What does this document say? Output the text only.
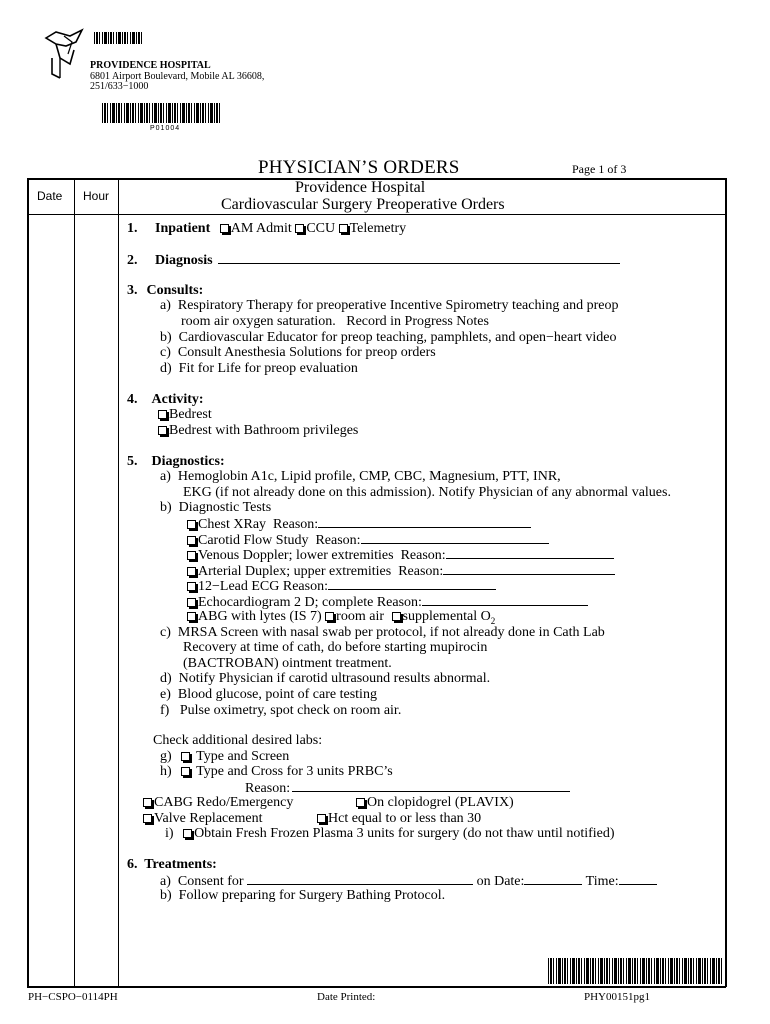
PROVIDENCE HOSPITAL
6801 Airport Boulevard, Mobile AL 36608,
251/633−1000
P01004
PHYSICIAN’S ORDERS	Page 1 of 3
Date Hour	Providence Hospital
Cardiovascular Surgery Preoperative Orders
1. Inpatient AM Admit CCU Telemetry
2. Diagnosis
3. Consults:
a)  Respiratory Therapy for preoperative Incentive Spirometry teaching and preop
room air oxygen saturation.   Record in Progress Notes
b)  Cardiovascular Educator for preop teaching, pamphlets, and open−heart video
c)  Consult Anesthesia Solutions for preop orders
d)  Fit for Life for preop evaluation
4. Activity:
Bedrest
Bedrest with Bathroom privileges
5. Diagnostics:
a)  Hemoglobin A1c, Lipid profile, CMP, CBC, Magnesium, PTT, INR,
EKG (if not already done on this admission). Notify Physician of any abnormal values.
b)  Diagnostic Tests
Chest XRay  Reason:
Carotid Flow Study  Reason:
Venous Doppler; lower extremities  Reason:
Arterial Duplex; upper extremities  Reason:
12−Lead ECG Reason:
Echocardiogram 2 D; complete Reason:
ABG with lytes (IS 7) room air supplemental $O_2$
c)  MRSA Screen with nasal swab per protocol, if not already done in Cath Lab
Recovery at time of cath, do before starting mupirocin
(BACTROBAN) ointment treatment.
d)  Notify Physician if carotid ultrasound results abnormal.
e)  Blood glucose, point of care testing
f)   Pulse oximetry, spot check on room air.
Check additional desired labs:
g) Type and Screen
h) Type and Cross for 3 units PRBC’s
Reason:
CABG Redo/Emergency	On clopidogrel (PLAVIX)
Valve Replacement	Hct equal to or less than 30
i) Obtain Fresh Frozen Plasma 3 units for surgery (do not thaw until notified)
6.  Treatments:
a)  Consent for	on Date:	Time:
b)  Follow preparing for Surgery Bathing Protocol.
PH−CSPO−0114PH	Date Printed:	PHY00151pg1
